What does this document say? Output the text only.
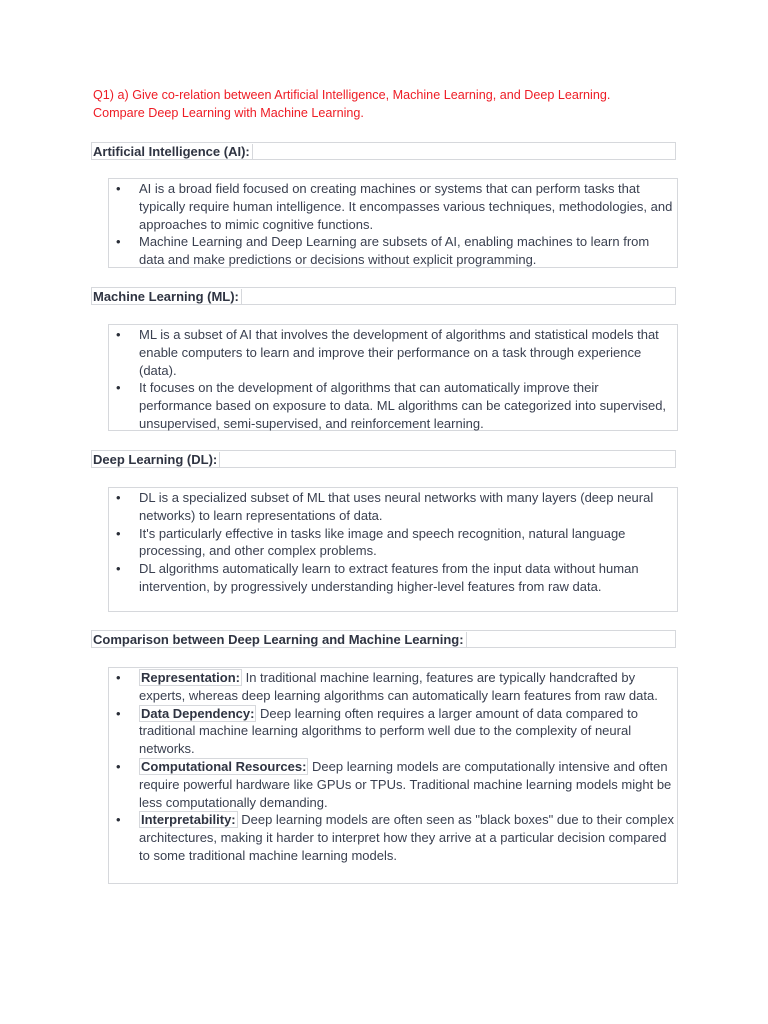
Q1) a) Give co-relation between Artificial Intelligence, Machine Learning, and Deep Learning.
Compare Deep Learning with Machine Learning.
Artificial Intelligence (AI):
• AI is a broad field focused on creating machines or systems that can perform tasks that typically require human intelligence. It encompasses various techniques, methodologies, and approaches to mimic cognitive functions.
• Machine Learning and Deep Learning are subsets of AI, enabling machines to learn from data and make predictions or decisions without explicit programming.
Machine Learning (ML):
• ML is a subset of AI that involves the development of algorithms and statistical models that enable computers to learn and improve their performance on a task through experience (data).
• It focuses on the development of algorithms that can automatically improve their performance based on exposure to data. ML algorithms can be categorized into supervised, unsupervised, semi-supervised, and reinforcement learning.
Deep Learning (DL):
• DL is a specialized subset of ML that uses neural networks with many layers (deep neural networks) to learn representations of data.
• It's particularly effective in tasks like image and speech recognition, natural language processing, and other complex problems.
• DL algorithms automatically learn to extract features from the input data without human intervention, by progressively understanding higher-level features from raw data.
Comparison between Deep Learning and Machine Learning:
• Representation: In traditional machine learning, features are typically handcrafted by experts, whereas deep learning algorithms can automatically learn features from raw data.
• Data Dependency: Deep learning often requires a larger amount of data compared to traditional machine learning algorithms to perform well due to the complexity of neural networks.
• Computational Resources: Deep learning models are computationally intensive and often require powerful hardware like GPUs or TPUs. Traditional machine learning models might be less computationally demanding.
• Interpretability: Deep learning models are often seen as "black boxes" due to their complex architectures, making it harder to interpret how they arrive at a particular decision compared to some traditional machine learning models.
